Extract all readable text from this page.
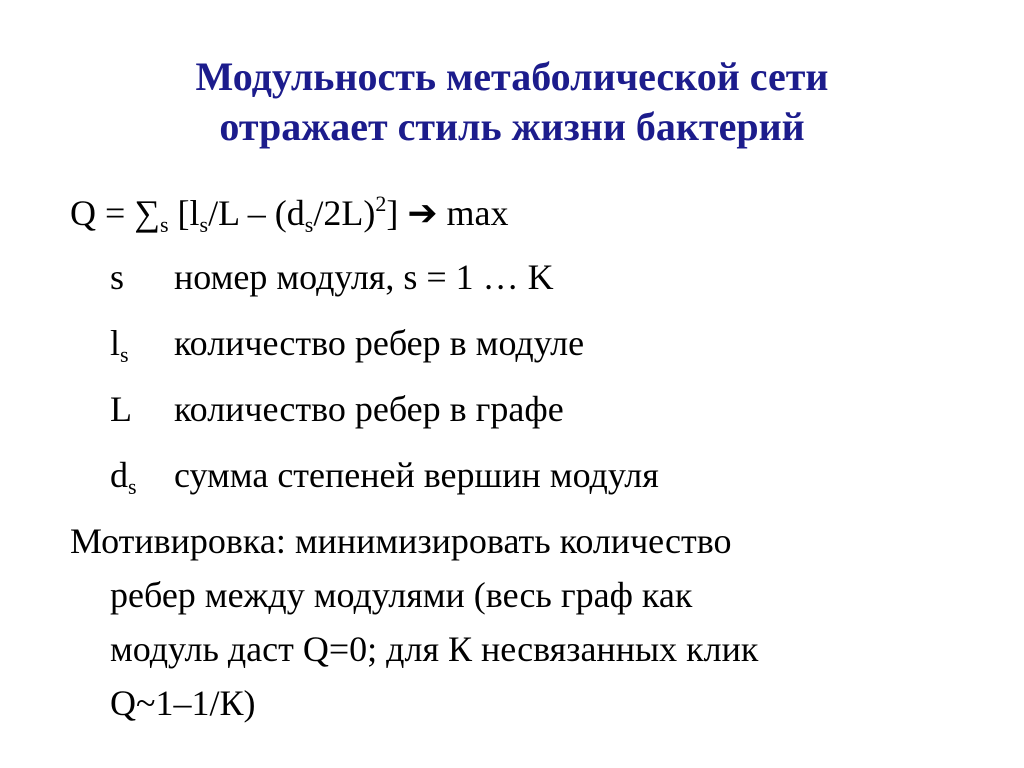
Модульность метаболической сети
отражает стиль жизни бактерий
$Q = \sum_s$ $[l_s/L - (d_s/2L)^2]$ ➔ max
s номер модуля, s = 1 … K
$l_s$ количество ребер в модуле
L количество ребер в графе
$d_s$ сумма степеней вершин модуля
Мотивировка: минимизировать количество
ребер между модулями (весь граф как
модуль даст Q=0; для К несвязанных клик
Q~1–1/К)
